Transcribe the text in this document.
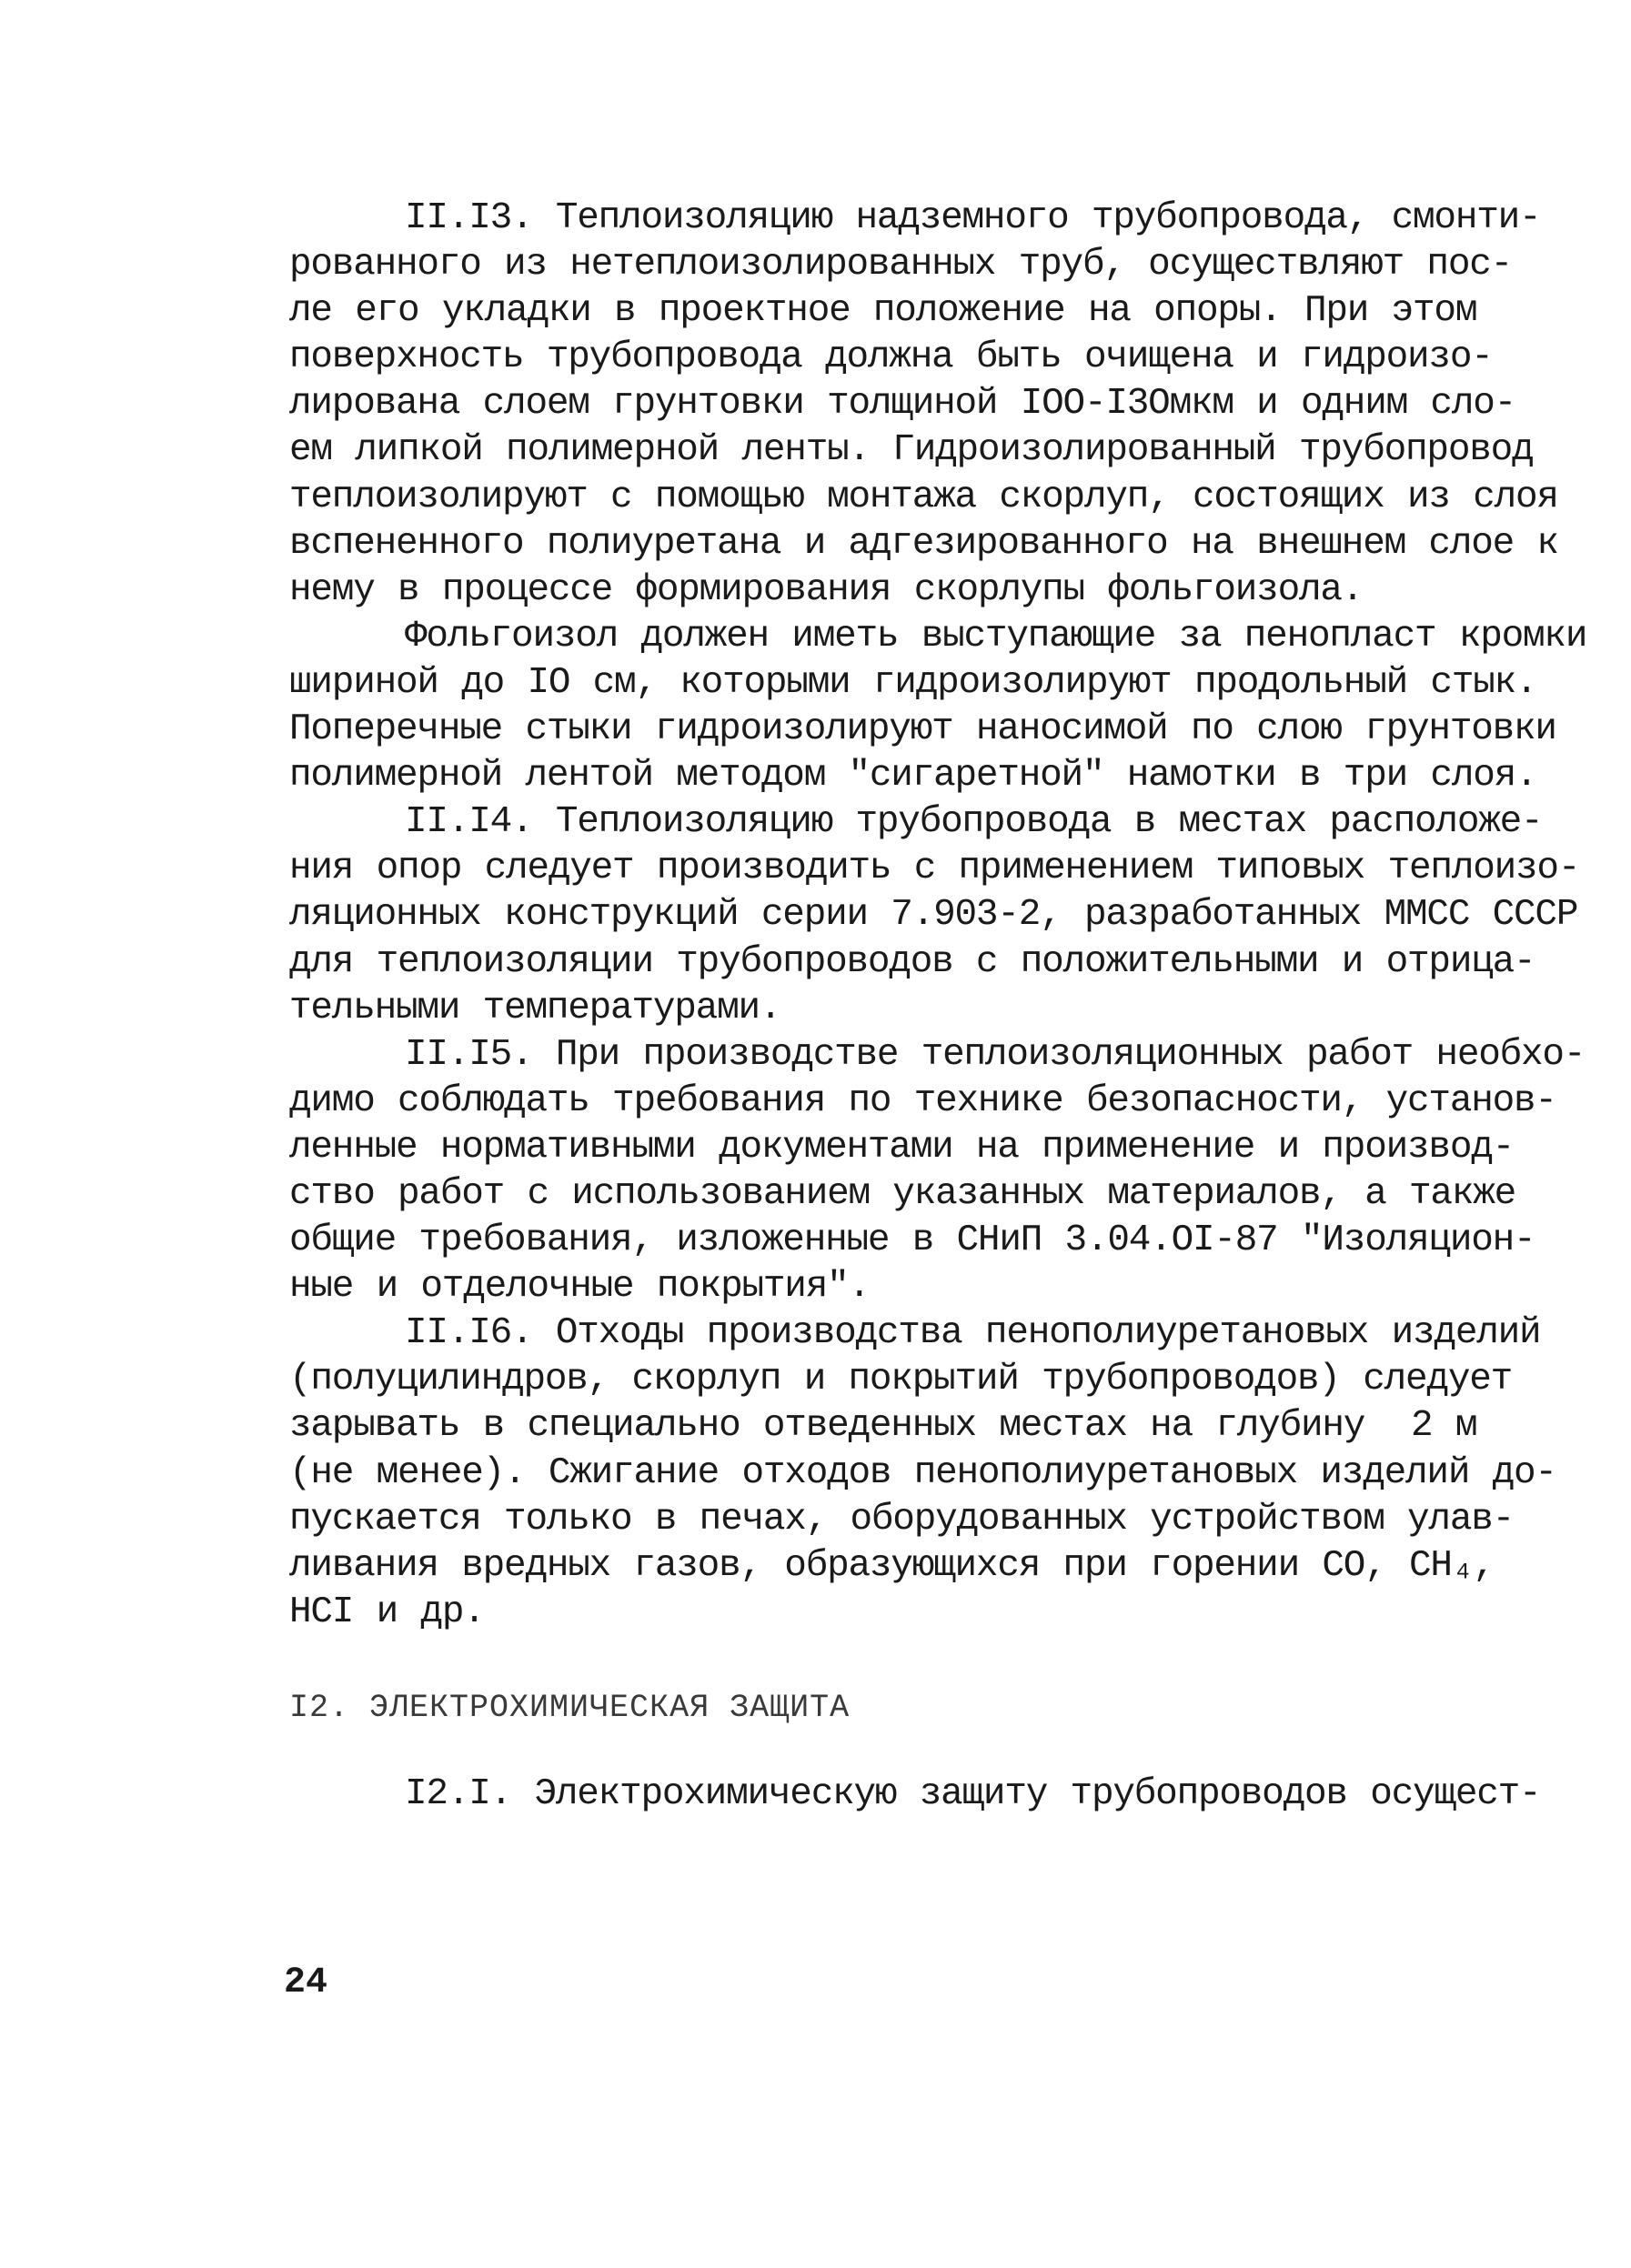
II.I3. Теплоизоляцию надземного трубопровода, смонти-
рованного из нетеплоизолированных труб, осуществляют пос-
ле его укладки в проектное положение на опоры. При этом
поверхность трубопровода должна быть очищена и гидроизо-
лирована слоем грунтовки толщиной IOO-I3Oмкм и одним сло-
ем липкой полимерной ленты. Гидроизолированный трубопровод
теплоизолируют с помощью монтажа скорлуп, состоящих из слоя
вспененного полиуретана и адгезированного на внешнем слое к
нему в процессе формирования скорлупы фольгоизола.
Фольгоизол должен иметь выступающие за пенопласт кромки
шириной до IO см, которыми гидроизолируют продольный стык.
Поперечные стыки гидроизолируют наносимой по слою грунтовки
полимерной лентой методом "сигаретной" намотки в три слоя.
II.I4. Теплоизоляцию трубопровода в местах расположе-
ния опор следует производить с применением типовых теплоизо-
ляционных конструкций серии 7.903-2, разработанных ММСС СССР
для теплоизоляции трубопроводов с положительными и отрица-
тельными температурами.
II.I5. При производстве теплоизоляционных работ необхо-
димо соблюдать требования по технике безопасности, установ-
ленные нормативными документами на применение и производ-
ство работ с использованием указанных материалов, а также
общие требования, изложенные в СНиП 3.04.OI-87 "Изоляцион-
ные и отделочные покрытия".
II.I6. Отходы производства пенополиуретановых изделий
(полуцилиндров, скорлуп и покрытий трубопроводов) следует
зарывать в специально отведенных местах на глубину  2 м
(не менее). Сжигание отходов пенополиуретановых изделий до-
пускается только в печах, оборудованных устройством улав-
ливания вредных газов, образующихся при горении CO, CH₄,
HCI и др.
I2. ЭЛЕКТРОХИМИЧЕСКАЯ ЗАЩИТА
I2.I. Электрохимическую защиту трубопроводов осущест-
24
